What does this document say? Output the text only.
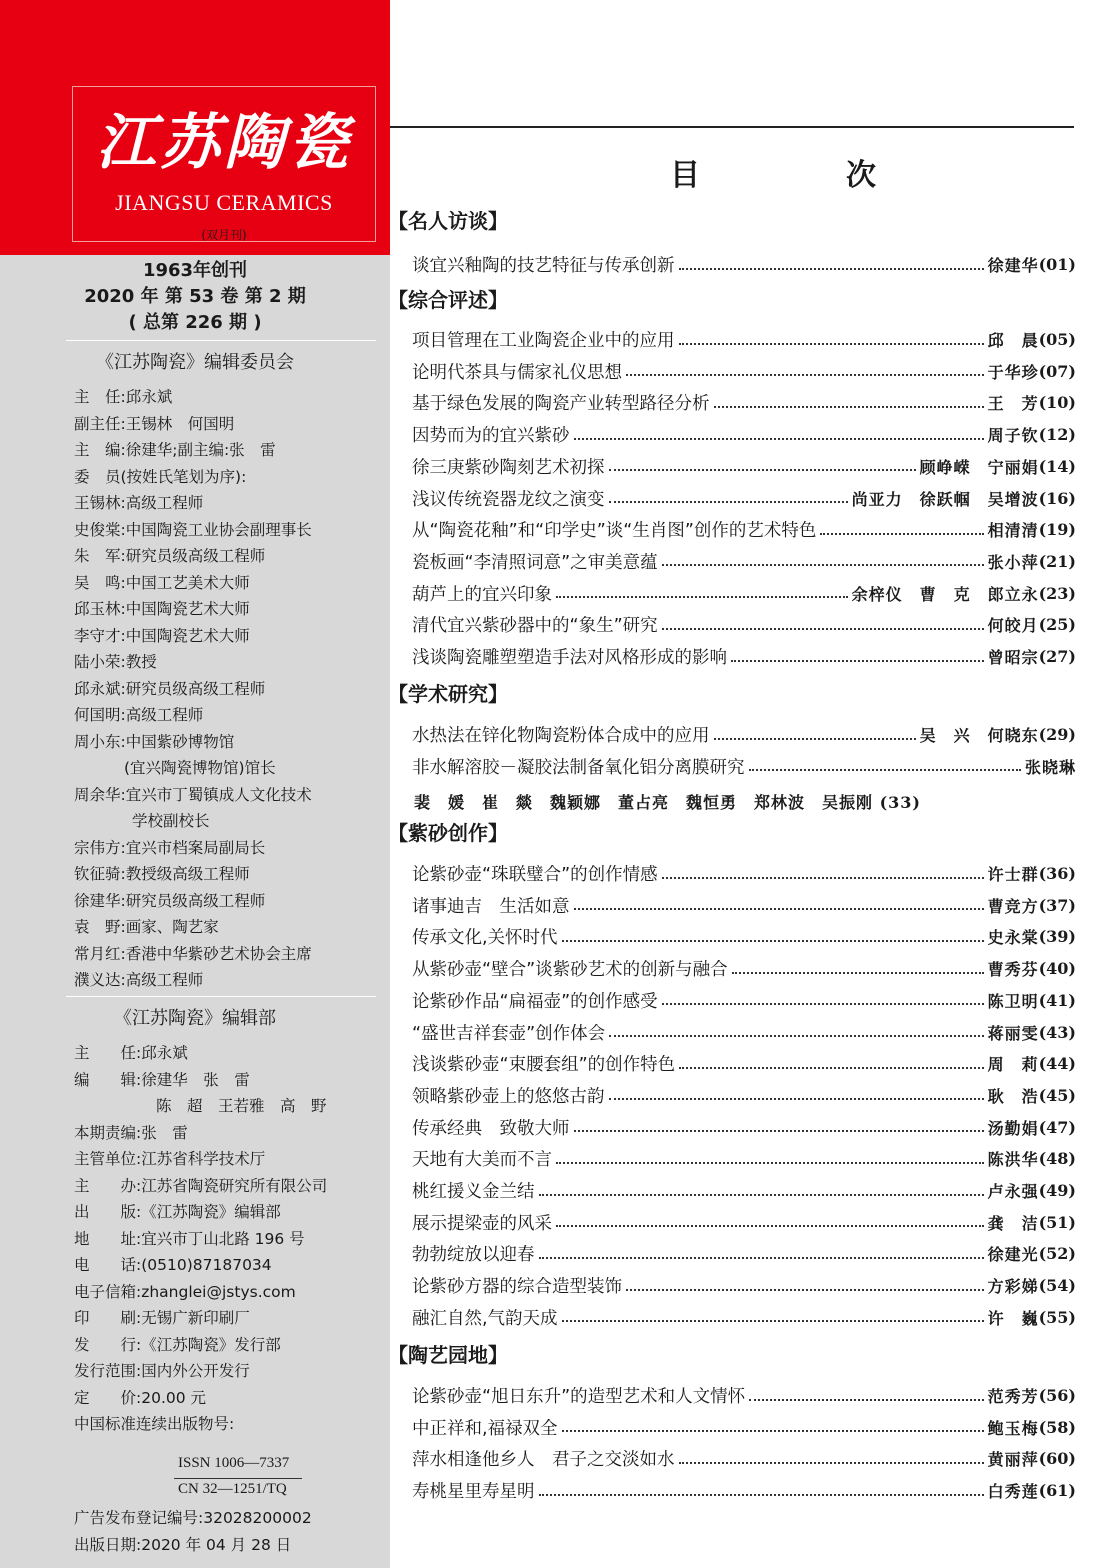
江苏陶瓷
JIANGSU CERAMICS
(双月刊)
1963年创刊
2020 年 第 53 卷 第 2 期
( 总第 226 期 )
《江苏陶瓷》编辑委员会
主　任:邱永斌
副主任:王锡林　何国明
主　编:徐建华;副主编:张　雷
委　员(按姓氏笔划为序):
王锡林:高级工程师
史俊棠:中国陶瓷工业协会副理事长
朱　军:研究员级高级工程师
吴　鸣:中国工艺美术大师
邱玉林:中国陶瓷艺术大师
李守才:中国陶瓷艺术大师
陆小荣:教授
邱永斌:研究员级高级工程师
何国明:高级工程师
周小东:中国紫砂博物馆
(宜兴陶瓷博物馆)馆长
周余华:宜兴市丁蜀镇成人文化技术
学校副校长
宗伟方:宜兴市档案局副局长
钦征骑:教授级高级工程师
徐建华:研究员级高级工程师
袁　野:画家、陶艺家
常月红:香港中华紫砂艺术协会主席
濮义达:高级工程师
《江苏陶瓷》编辑部
主　　任:邱永斌
编　　辑:徐建华　张　雷
陈　超　王若雅　高　野
本期责编:张　雷
主管单位:江苏省科学技术厅
主　　办:江苏省陶瓷研究所有限公司
出　　版:《江苏陶瓷》编辑部
地　　址:宜兴市丁山北路 196 号
电　　话:(0510)87187034
电子信箱:zhanglei@jstys.com
印　　刷:无锡广新印刷厂
发　　行:《江苏陶瓷》发行部
发行范围:国内外公开发行
定　　价:20.00 元
中国标准连续出版物号:
ISSN 1006—7337
CN 32—1251/TQ
广告发布登记编号:32028200002
出版日期:2020 年 04 月 28 日
目　次
【名人访谈】
谈宜兴釉陶的技艺特征与传承创新	徐建华 (01)
【综合评述】
项目管理在工业陶瓷企业中的应用	邱　晨 (05)
论明代茶具与儒家礼仪思想	于华珍 (07)
基于绿色发展的陶瓷产业转型路径分析	王　芳 (10)
因势而为的宜兴紫砂	周子钦 (12)
徐三庚紫砂陶刻艺术初探	顾峥嵘　宁丽娟 (14)
浅议传统瓷器龙纹之演变	尚亚力　徐跃帼　吴增波 (16)
从“陶瓷花釉”和“印学史”谈“生肖图”创作的艺术特色	相清清 (19)
瓷板画“李清照词意”之审美意蕴	张小萍 (21)
葫芦上的宜兴印象	余梓仪　曹　克　郎立永 (23)
清代宜兴紫砂器中的“象生”研究	何皎月 (25)
浅谈陶瓷雕塑塑造手法对风格形成的影响	曾昭宗 (27)
【学术研究】
水热法在锌化物陶瓷粉体合成中的应用	吴　兴　何晓东 (29)
非水解溶胶－凝胶法制备氧化铝分离膜研究	张晓琳
裴　媛　崔　燚　魏颖娜　董占亮　魏恒勇　郑林波　吴振刚 (33)
【紫砂创作】
论紫砂壶“珠联璧合”的创作情感	许士群 (36)
诸事迪吉　生活如意	曹竞方 (37)
传承文化,关怀时代	史永棠 (39)
从紫砂壶“壁合”谈紫砂艺术的创新与融合	曹秀芬 (40)
论紫砂作品“扁福壶”的创作感受	陈卫明 (41)
“盛世吉祥套壶”创作体会	蒋丽雯 (43)
浅谈紫砂壶“束腰套组”的创作特色	周　莉 (44)
领略紫砂壶上的悠悠古韵	耿　浩 (45)
传承经典　致敬大师	汤勤娟 (47)
天地有大美而不言	陈洪华 (48)
桃红援义金兰结	卢永强 (49)
展示提梁壶的风采	龚　洁 (51)
勃勃绽放以迎春	徐建光 (52)
论紫砂方器的综合造型装饰	方彩娣 (54)
融汇自然,气韵天成	许　巍 (55)
【陶艺园地】
论紫砂壶“旭日东升”的造型艺术和人文情怀	范秀芳 (56)
中正祥和,福禄双全	鲍玉梅 (58)
萍水相逢他乡人　君子之交淡如水	黄丽萍 (60)
寿桃星里寿星明	白秀莲 (61)
